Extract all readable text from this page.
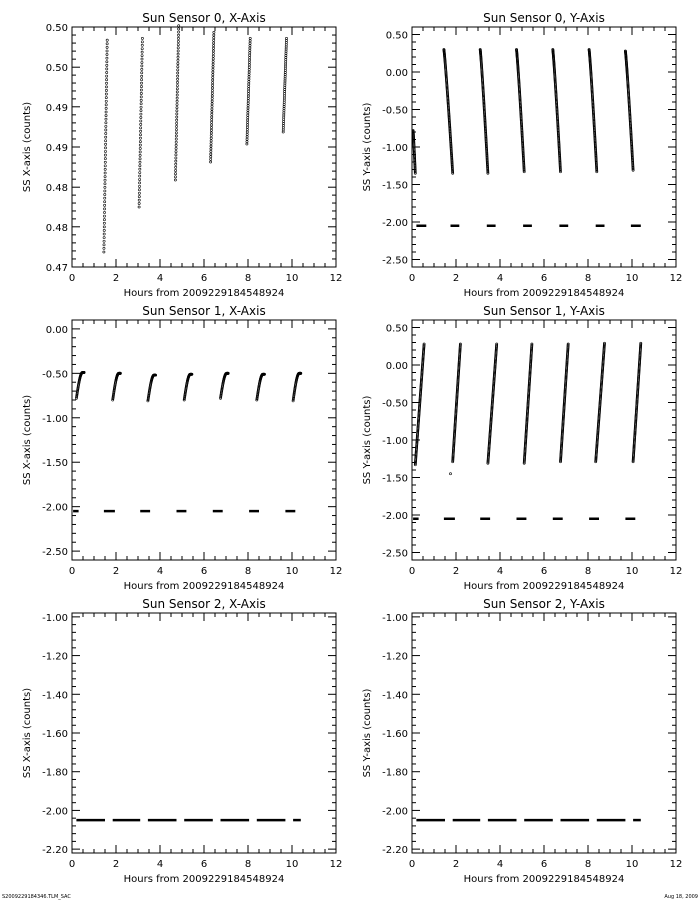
Sun Sensor 0, X-Axis
Hours from 2009229184548924
SS X-axis (counts)
0	2	4	6	8	10	12
0.47
0.48
0.48
0.49
0.49
0.50
0.50
Sun Sensor 0, Y-Axis
Hours from 2009229184548924
SS Y-axis (counts)
0	2	4	6	8	10	12
-2.50
-2.00
-1.50
-1.00
-0.50
0.00
0.50
Sun Sensor 1, X-Axis
Hours from 2009229184548924
SS X-axis (counts)
0	2	4	6	8	10	12
-2.50
-2.00
-1.50
-1.00
-0.50
0.00
Sun Sensor 1, Y-Axis
Hours from 2009229184548924
SS Y-axis (counts)
0	2	4	6	8	10	12
-2.50
-2.00
-1.50
-1.00
-0.50
0.00
0.50
Sun Sensor 2, X-Axis
Hours from 2009229184548924
SS X-axis (counts)
0	2	4	6	8	10	12
-2.20
-2.00
-1.80
-1.60
-1.40
-1.20
-1.00
Sun Sensor 2, Y-Axis
Hours from 2009229184548924
SS Y-axis (counts)
0	2	4	6	8	10	12
-2.20
-2.00
-1.80
-1.60
-1.40
-1.20
-1.00
S2009229184346.TLM_SAC	Aug 18, 2009
